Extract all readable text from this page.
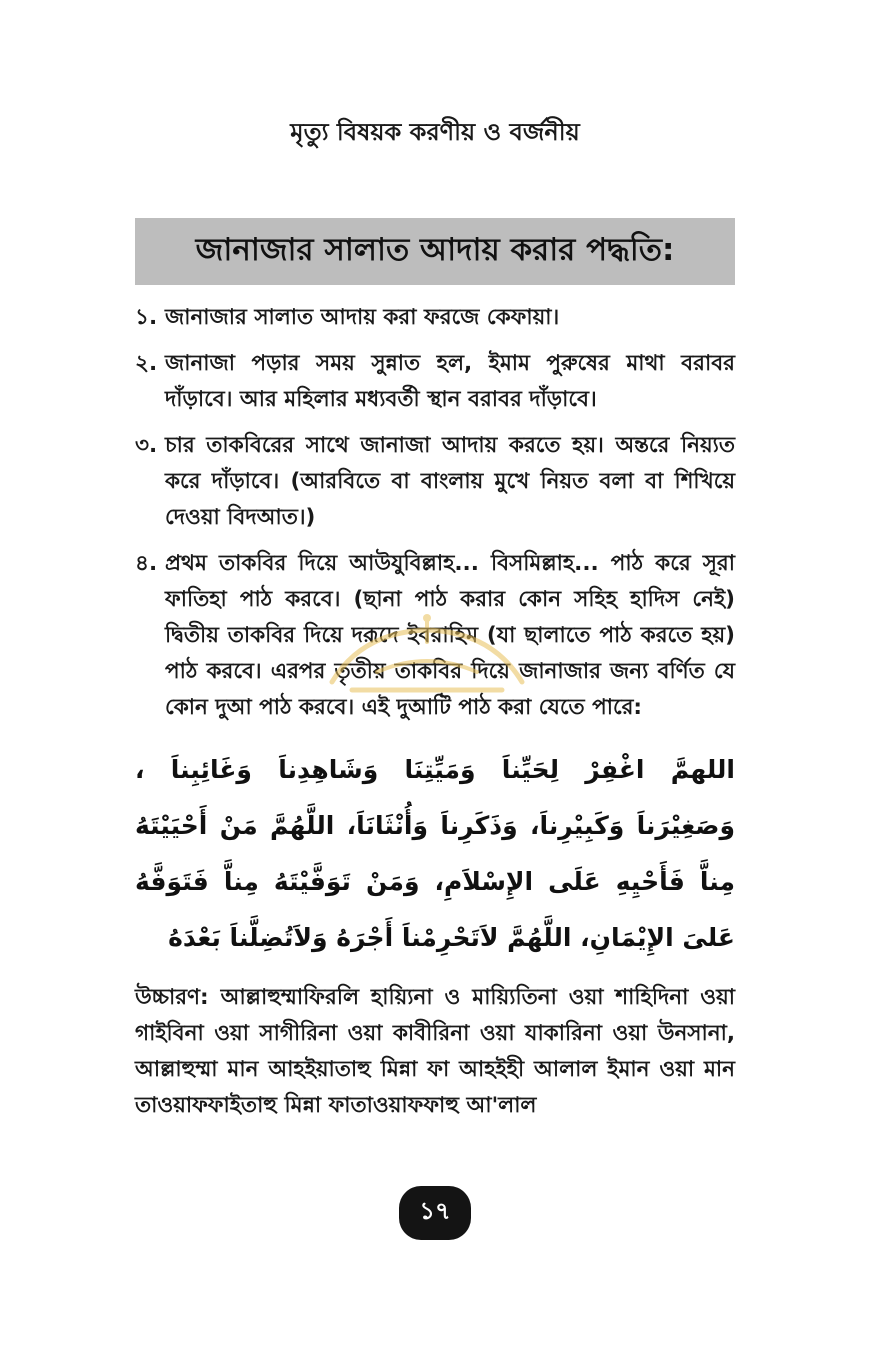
মৃত্যু বিষয়ক করণীয় ও বর্জনীয়
জানাজার সালাত আদায় করার পদ্ধতি:
১. জানাজার সালাত আদায় করা ফরজে কেফায়া।
২. জানাজা পড়ার সময় সুন্নাত হল, ইমাম পুরুষের মাথা বরাবর দাঁড়াবে। আর মহিলার মধ্যবর্তী স্থান বরাবর দাঁড়াবে।
৩. চার তাকবিরের সাথে জানাজা আদায় করতে হয়। অন্তরে নিয়্যত করে দাঁড়াবে। (আরবিতে বা বাংলায় মুখে নিয়ত বলা বা শিখিয়ে দেওয়া বিদআত।)
৪. প্রথম তাকবির দিয়ে আউযুবিল্লাহ... বিসমিল্লাহ... পাঠ করে সূরা ফাতিহা পাঠ করবে। (ছানা পাঠ করার কোন সহিহ হাদিস নেই) দ্বিতীয় তাকবির দিয়ে দরূদে ইবরাহিম (যা ছালাতে পাঠ করতে হয়) পাঠ করবে। এরপর তৃতীয় তাকবির দিয়ে জানাজার জন্য বর্ণিত যে কোন দুআ পাঠ করবে। এই দুআটি পাঠ করা যেতে পারে:
اللهمَّ اغْفِرْ لِحَيِّناَ وَمَيِّتِنَا وَشَاهِدِناَ وَغَائِبِناَ ، وَصَغِيْرَناَ وَكَبِيْرِناَ، وَذَكَرِناَ وَأُنْثَانَاَ، اللَّهُمَّ مَنْ أَحْيَيْتَهُ مِناَّ فَأَحْيِهِ عَلَى الإِسْلاَمِ، وَمَنْ تَوَفَّيْتَهُ مِناَّ فَتَوَفَّهُ عَلىَ الإِيْمَانِ، اللَّهُمَّ لاَتَحْرِمْناَ أَجْرَهُ وَلاَتُضِلَّناَ بَعْدَهُ
উচ্চারণ: আল্লাহুম্মাফিরলি হায়্যিনা ও মায়্যিতিনা ওয়া শাহিদিনা ওয়া গাইবিনা ওয়া সাগীরিনা ওয়া কাবীরিনা ওয়া যাকারিনা ওয়া উনসানা, আল্লাহুম্মা মান আহইয়াতাহু মিন্না ফা আহইহী আলাল ইমান ওয়া মান তাওয়াফফাইতাহু মিন্না ফাতাওয়াফফাহু আ'লাল
১৭
